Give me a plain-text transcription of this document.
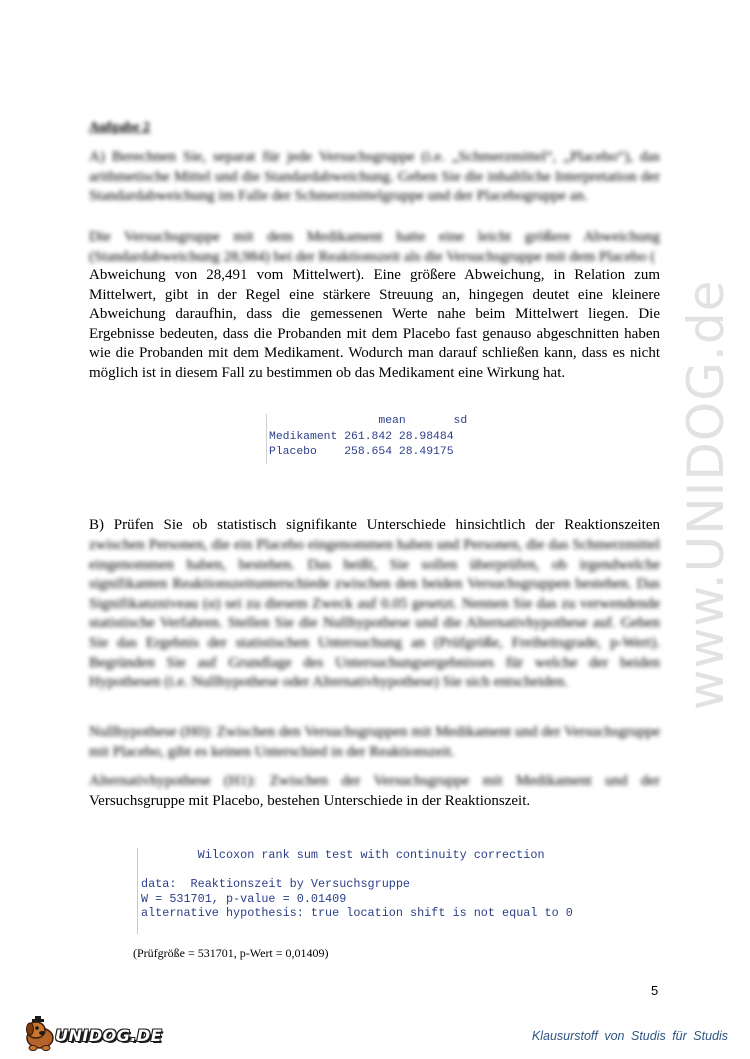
www.UNIDOG.de
Aufgabe 2
A) Berechnen Sie, separat für jede Versuchsgruppe (i.e. „Schmerzmittel“, „Placebo“), das arithmetische Mittel und die Standardabweichung. Geben Sie die inhaltliche Interpretation der Standardabweichung im Falle der Schmerzmittelgruppe und der Placebogruppe an.
Die Versuchsgruppe mit dem Medikament hatte eine leicht größere Abweichung (Standardabweichung 28,984) bei der Reaktionszeit als die Versuchsgruppe mit dem Placebo (
Abweichung von 28,491 vom Mittelwert). Eine größere Abweichung, in Relation zum
Mittelwert, gibt in der Regel eine stärkere Streuung an, hingegen deutet eine kleinere
Abweichung daraufhin, dass die gemessenen Werte nahe beim Mittelwert liegen. Die
Ergebnisse bedeuten, dass die Probanden mit dem Placebo fast genauso abgeschnitten haben
wie die Probanden mit dem Medikament. Wodurch man darauf schließen kann, dass es nicht
möglich ist in diesem Fall zu bestimmen ob das Medikament eine Wirkung hat.
mean       sd
Medikament 261.842 28.98484
Placebo    258.654 28.49175
B) Prüfen Sie ob statistisch signifikante Unterschiede hinsichtlich der Reaktionszeiten
zwischen Personen, die ein Placebo eingenommen haben und Personen, die das Schmerzmittel eingenommen haben, bestehen. Das heißt, Sie sollen überprüfen, ob irgendwelche signifikanten Reaktionszeitunterschiede zwischen den beiden Versuchsgruppen bestehen. Das Signifikanzniveau (α) sei zu diesem Zweck auf 0.05 gesetzt. Nennen Sie das zu verwendende statistische Verfahren. Stellen Sie die Nullhypothese und die Alternativhypothese auf. Geben Sie das Ergebnis der statistischen Untersuchung an (Prüfgröße, Freiheitsgrade, p-Wert). Begründen Sie auf Grundlage des Untersuchungsergebnisses für welche der beiden Hypothesen (i.e. Nullhypothese oder Alternativhypothese) Sie sich entscheiden.
Nullhypothese (H0): Zwischen den Versuchsgruppen mit Medikament und der Versuchsgruppe mit Placebo, gibt es keinen Unterschied in der Reaktionszeit.
Alternativhypothese (H1): Zwischen der Versuchsgruppe mit Medikament und der
Versuchsgruppe mit Placebo, bestehen Unterschiede in der Reaktionszeit.
Wilcoxon rank sum test with continuity correction

data:  Reaktionszeit by Versuchsgruppe
W = 531701, p-value = 0.01409
alternative hypothesis: true location shift is not equal to 0
(Prüfgröße = 531701, p-Wert = 0,01409)
5
UNIDOG.DE	Klausurstoff von Studis für Studis
